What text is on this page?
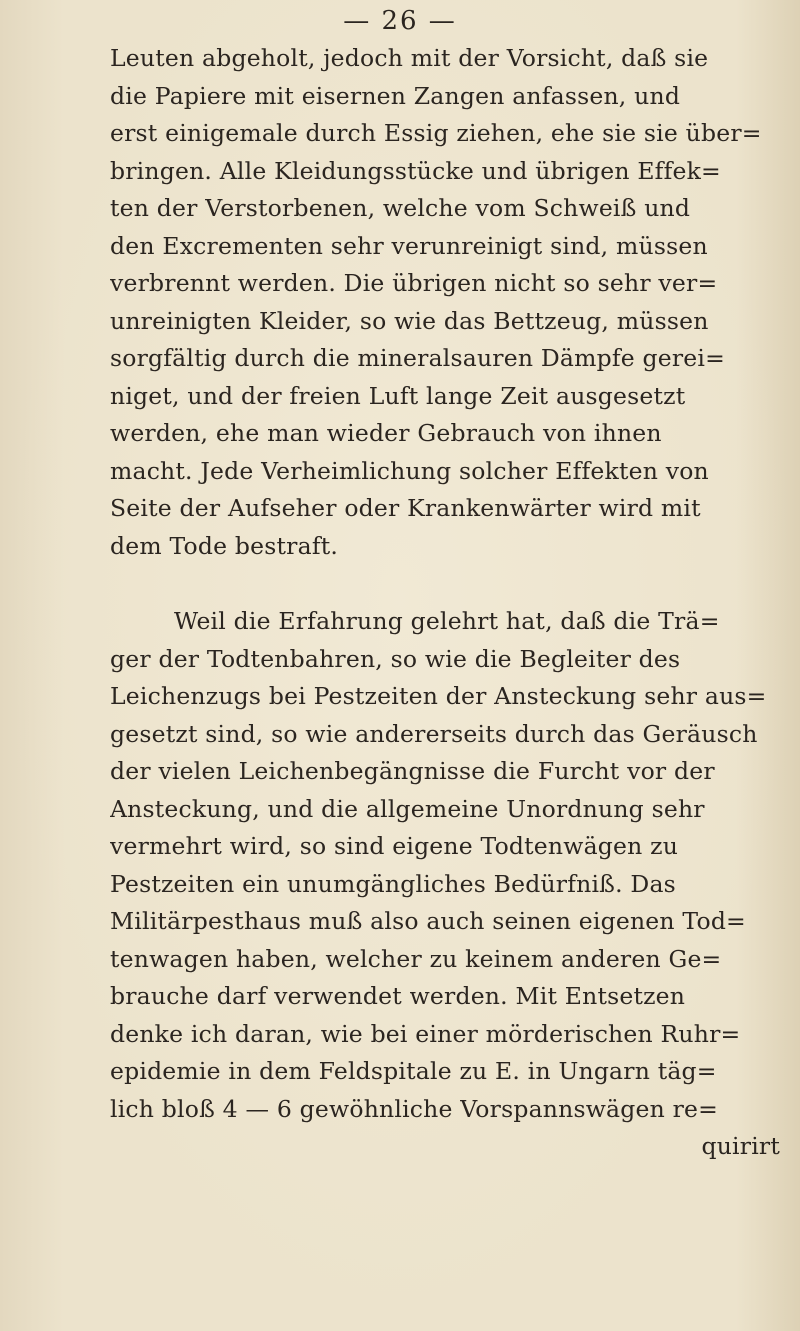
— 26 —
Leuten abgeholt, jedoch mit der Vorsicht, daß sie
die Papiere mit eisernen Zangen anfassen, und
erst einigemale durch Essig ziehen, ehe sie sie über=
bringen. Alle Kleidungsstücke und übrigen Effek=
ten der Verstorbenen, welche vom Schweiß und
den Excrementen sehr verunreinigt sind, müssen
verbrennt werden. Die übrigen nicht so sehr ver=
unreinigten Kleider, so wie das Bettzeug, müssen
sorgfältig durch die mineralsauren Dämpfe gerei=
niget, und der freien Luft lange Zeit ausgesetzt
werden, ehe man wieder Gebrauch von ihnen
macht. Jede Verheimlichung solcher Effekten von
Seite der Aufseher oder Krankenwärter wird mit
dem Tode bestraft.
Weil die Erfahrung gelehrt hat, daß die Trä=
ger der Todtenbahren, so wie die Begleiter des
Leichenzugs bei Pestzeiten der Ansteckung sehr aus=
gesetzt sind, so wie andererseits durch das Geräusch
der vielen Leichenbegängnisse die Furcht vor der
Ansteckung, und die allgemeine Unordnung sehr
vermehrt wird, so sind eigene Todtenwägen zu
Pestzeiten ein unumgängliches Bedürfniß. Das
Militärpesthaus muß also auch seinen eigenen Tod=
tenwagen haben, welcher zu keinem anderen Ge=
brauche darf verwendet werden. Mit Entsetzen
denke ich daran, wie bei einer mörderischen Ruhr=
epidemie in dem Feldspitale zu E. in Ungarn täg=
lich bloß 4 — 6 gewöhnliche Vorspannswägen re=
quirirt
